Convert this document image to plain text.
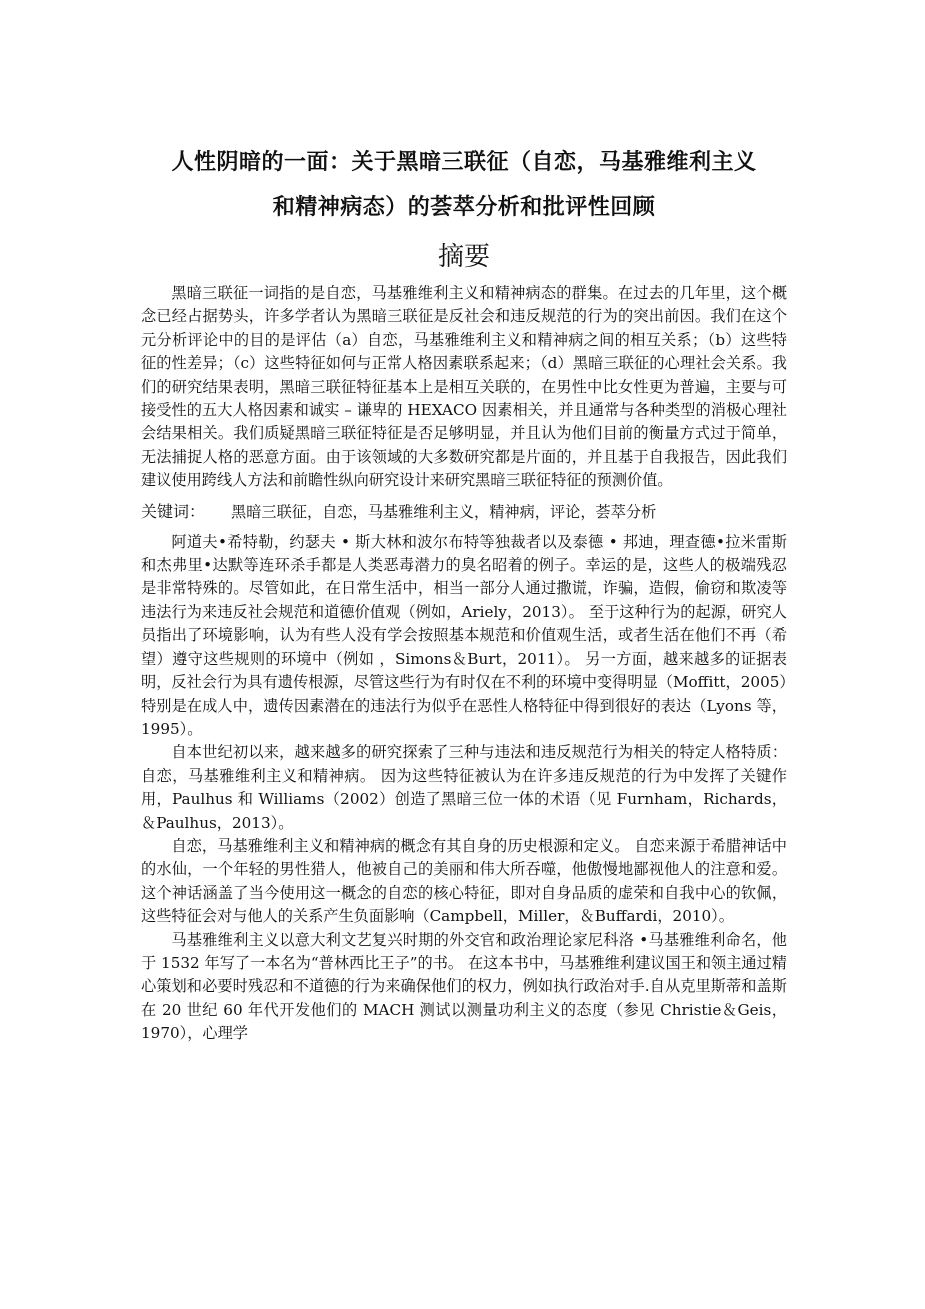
人性阴暗的一面：关于黑暗三联征（自恋，马基雅维利主义
和精神病态）的荟萃分析和批评性回顾
摘要

黑暗三联征一词指的是自恋，马基雅维利主义和精神病态的群集。在过去的几年里，这个概念已经占据势头，许多学者认为黑暗三联征是反社会和违反规范的行为的突出前因。我们在这个元分析评论中的目的是评估（a）自恋，马基雅维利主义和精神病之间的相互关系；（b）这些特征的性差异；（c）这些特征如何与正常人格因素联系起来；（d）黑暗三联征的心理社会关系。我们的研究结果表明，黑暗三联征特征基本上是相互关联的，在男性中比女性更为普遍，主要与可接受性的五大人格因素和诚实 – 谦卑的 HEXACO 因素相关，并且通常与各种类型的消极心理社会结果相关。我们质疑黑暗三联征特征是否足够明显，并且认为他们目前的衡量方式过于简单，无法捕捉人格的恶意方面。由于该领域的大多数研究都是片面的，并且基于自我报告，因此我们建议使用跨线人方法和前瞻性纵向研究设计来研究黑暗三联征特征的预测价值。

关键词： 黑暗三联征，自恋，马基雅维利主义，精神病，评论，荟萃分析

阿道夫•希特勒，约瑟夫 • 斯大林和波尔布特等独裁者以及泰德 • 邦迪，理查德•拉米雷斯和杰弗里•达默等连环杀手都是人类恶毒潜力的臭名昭着的例子。幸运的是，这些人的极端残忍是非常特殊的。尽管如此，在日常生活中，相当一部分人通过撒谎，诈骗，造假，偷窃和欺凌等违法行为来违反社会规范和道德价值观（例如，Ariely，2013）。 至于这种行为的起源，研究人员指出了环境影响，认为有些人没有学会按照基本规范和价值观生活，或者生活在他们不再（希望）遵守这些规则的环境中（例如 ，Simons＆Burt，2011）。 另一方面，越来越多的证据表明，反社会行为具有遗传根源，尽管这些行为有时仅在不利的环境中变得明显（Moffitt，2005）特别是在成人中，遗传因素潜在的违法行为似乎在恶性人格特征中得到很好的表达（Lyons 等，1995）。

自本世纪初以来，越来越多的研究探索了三种与违法和违反规范行为相关的特定人格特质：自恋，马基雅维利主义和精神病。 因为这些特征被认为在许多违反规范的行为中发挥了关键作用，Paulhus 和 Williams（2002）创造了黑暗三位一体的术语（见 Furnham，Richards，＆Paulhus，2013）。

自恋，马基雅维利主义和精神病的概念有其自身的历史根源和定义。 自恋来源于希腊神话中的水仙，一个年轻的男性猎人，他被自己的美丽和伟大所吞噬，他傲慢地鄙视他人的注意和爱。 这个神话涵盖了当今使用这一概念的自恋的核心特征，即对自身品质的虚荣和自我中心的钦佩，这些特征会对与他人的关系产生负面影响（Campbell，Miller，＆Buffardi，2010）。

马基雅维利主义以意大利文艺复兴时期的外交官和政治理论家尼科洛 •马基雅维利命名，他于 1532 年写了一本名为“普林西比王子”的书。 在这本书中，马基雅维利建议国王和领主通过精心策划和必要时残忍和不道德的行为来确保他们的权力，例如执行政治对手.自从克里斯蒂和盖斯在 20 世纪 60 年代开发他们的 MACH 测试以测量功利主义的态度（参见 Christie＆Geis，1970），心理学
